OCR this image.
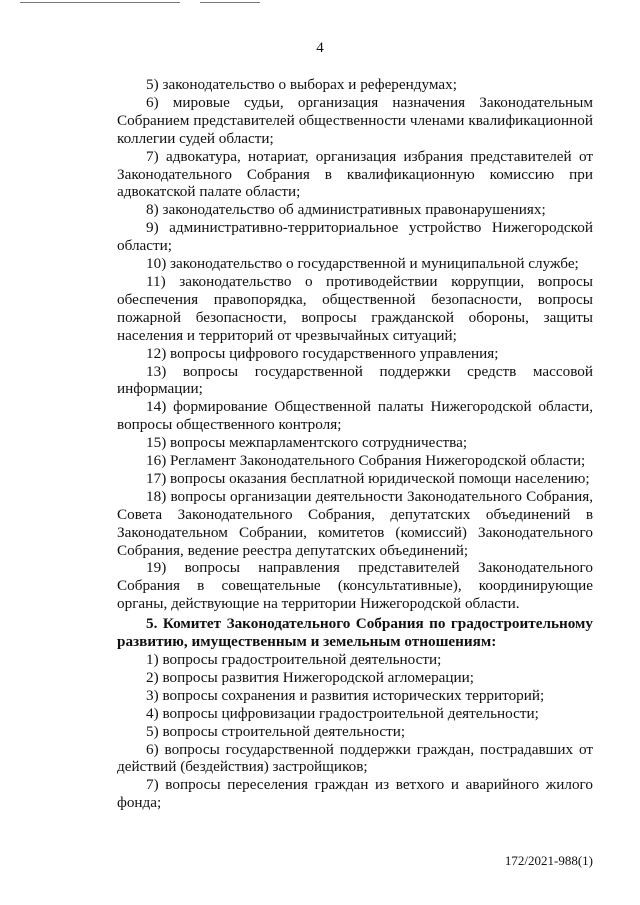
4

5) законодательство о выборах и референдумах;

6) мировые судьи, организация назначения Законодательным Собранием представителей общественности членами квалификационной коллегии судей области;

7) адвокатура, нотариат, организация избрания представителей от Законодательного Собрания в квалификационную комиссию при адвокатской палате области;

8) законодательство об административных правонарушениях;

9) административно-территориальное устройство Нижегородской области;

10) законодательство о государственной и муниципальной службе;

11) законодательство о противодействии коррупции, вопросы обеспечения правопорядка, общественной безопасности, вопросы пожарной безопасности, вопросы гражданской обороны, защиты населения и территорий от чрезвычайных ситуаций;

12) вопросы цифрового государственного управления;

13) вопросы государственной поддержки средств массовой информации;

14) формирование Общественной палаты Нижегородской области, вопросы общественного контроля;

15) вопросы межпарламентского сотрудничества;

16) Регламент Законодательного Собрания Нижегородской области;

17) вопросы оказания бесплатной юридической помощи населению;

18) вопросы организации деятельности Законодательного Собрания, Совета Законодательного Собрания, депутатских объединений в Законодательном Собрании, комитетов (комиссий) Законодательного Собрания, ведение реестра депутатских объединений;

19) вопросы направления представителей Законодательного Собрания в совещательные (консультативные), координирующие органы, действующие на территории Нижегородской области.

5. Комитет Законодательного Собрания по градостроительному развитию, имущественным и земельным отношениям:

1) вопросы градостроительной деятельности;

2) вопросы развития Нижегородской агломерации;

3) вопросы сохранения и развития исторических территорий;

4) вопросы цифровизации градостроительной деятельности;

5) вопросы строительной деятельности;

6) вопросы государственной поддержки граждан, пострадавших от действий (бездействия) застройщиков;

7) вопросы переселения граждан из ветхого и аварийного жилого фонда;

172/2021-988(1)
